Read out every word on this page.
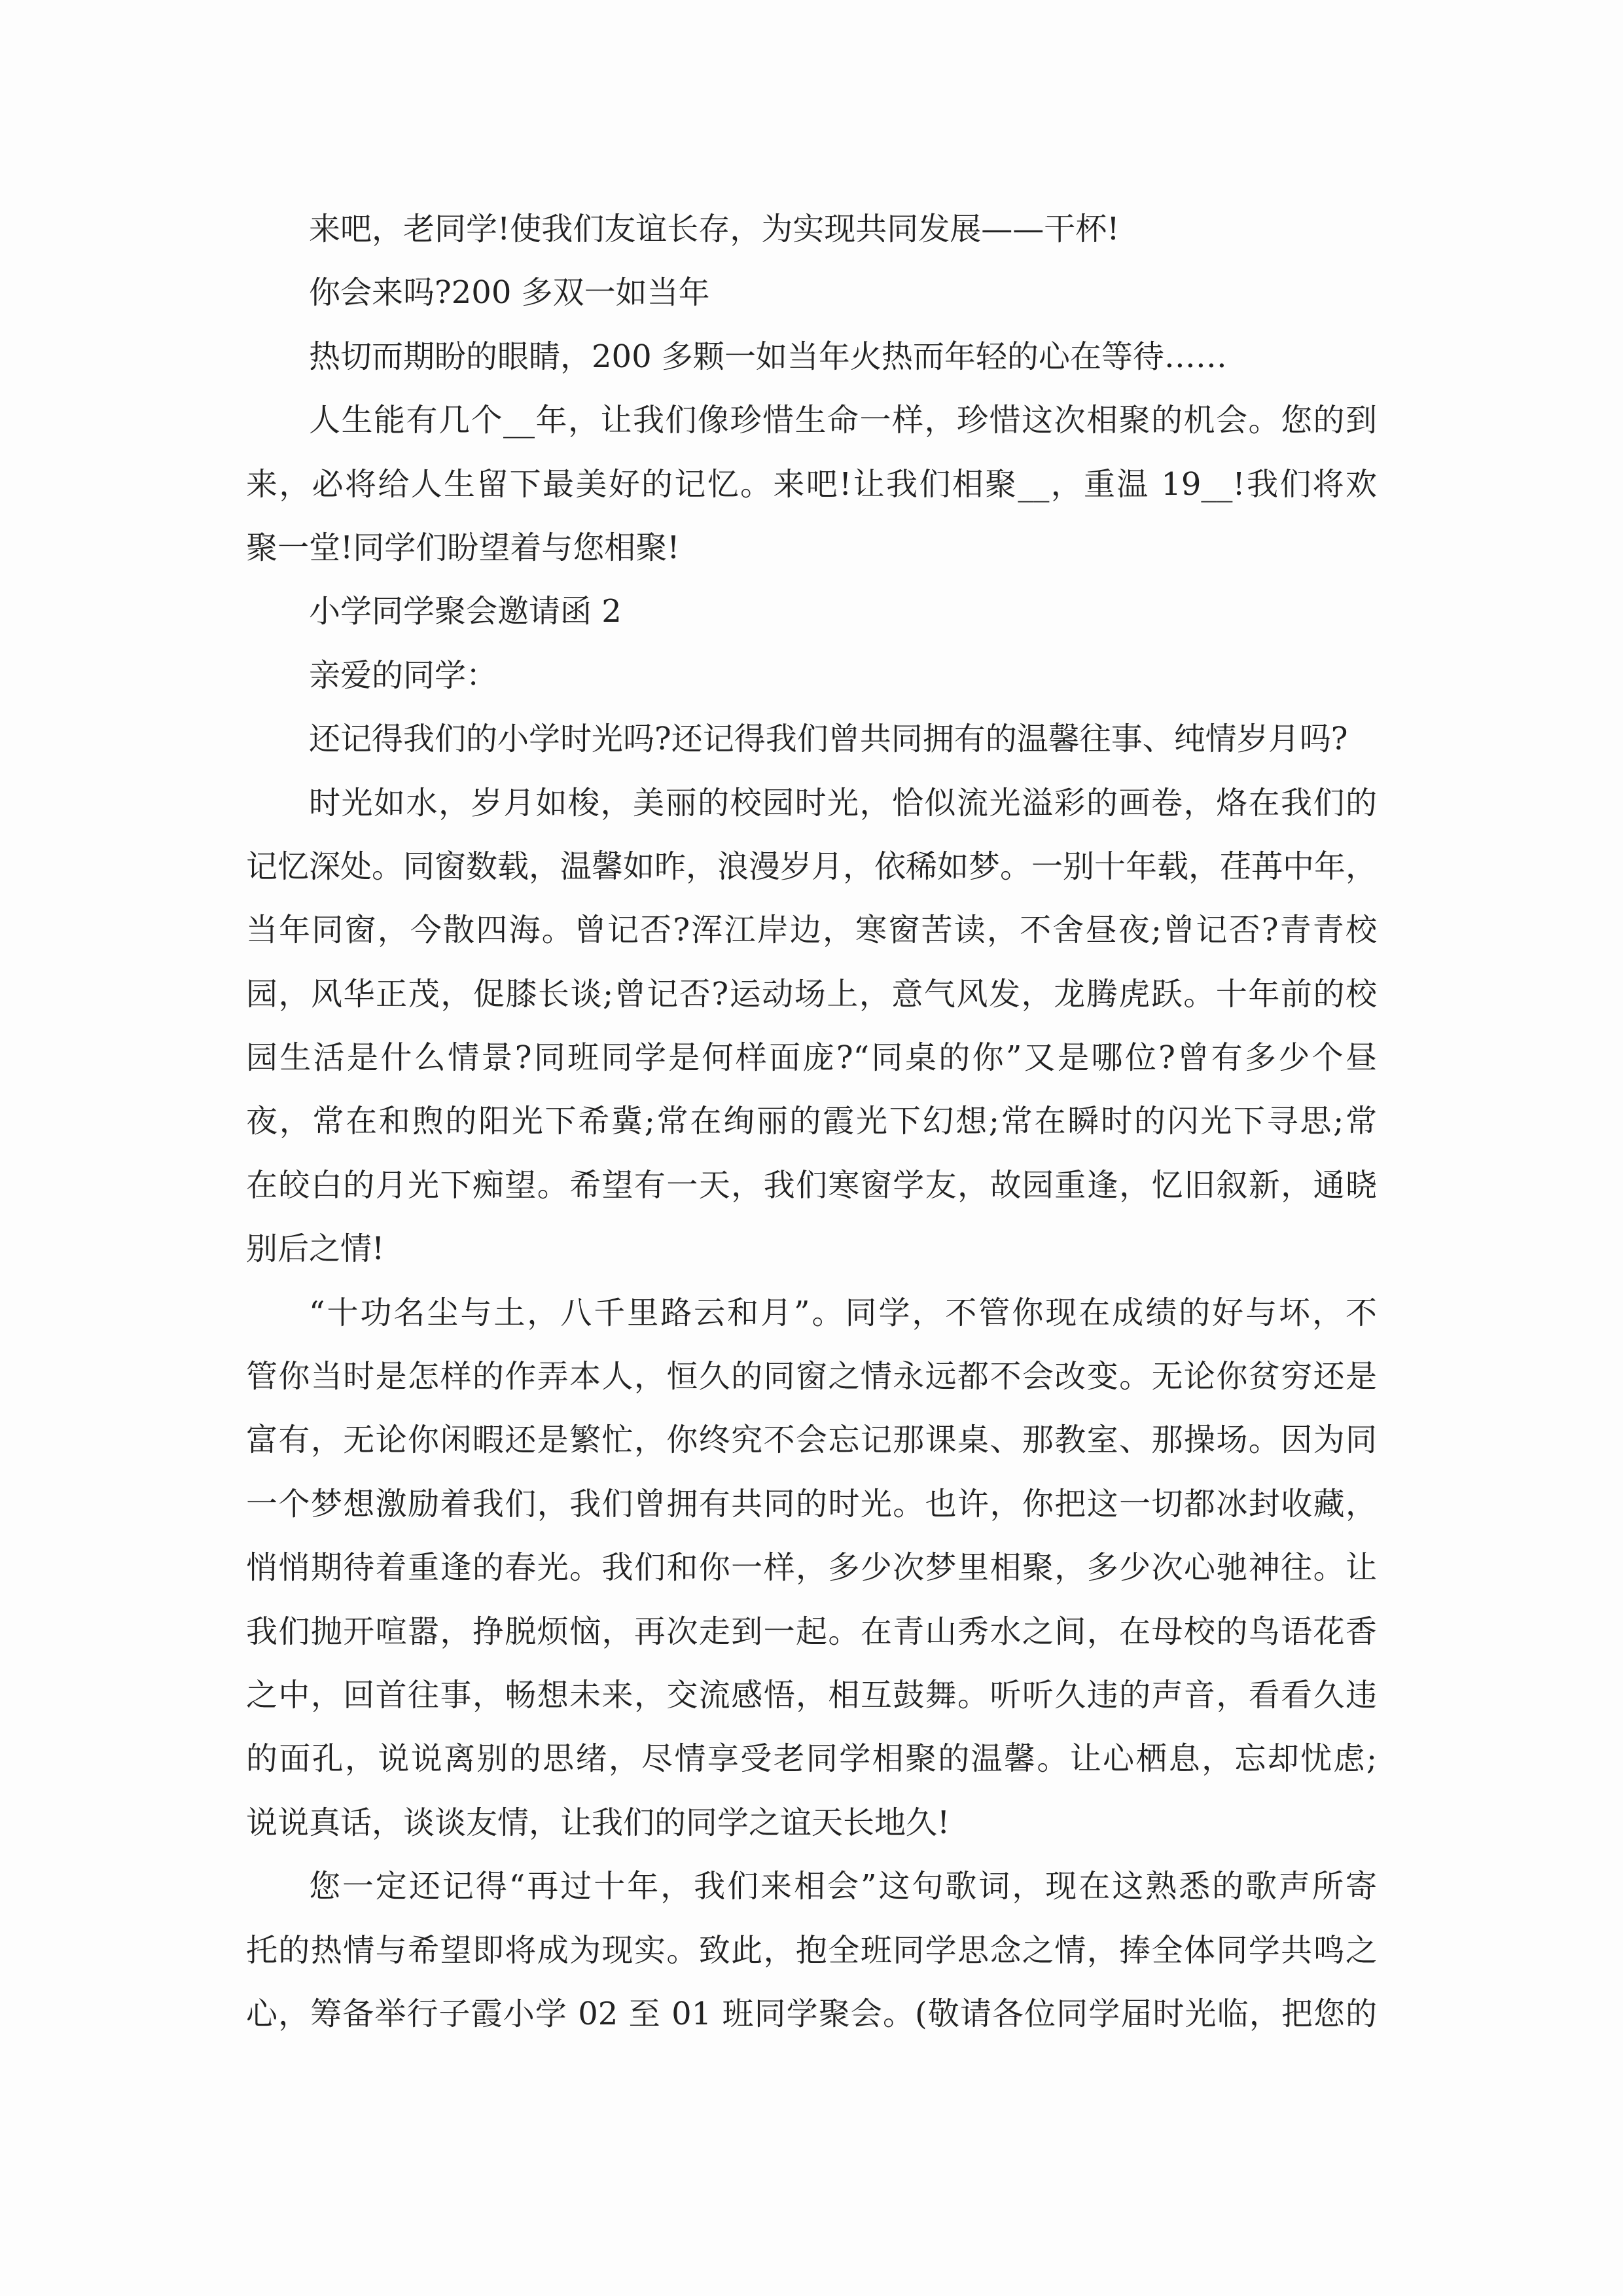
来吧，老同学!使我们友谊长存，为实现共同发展——干杯!
你会来吗?200 多双一如当年
热切而期盼的眼睛，200 多颗一如当年火热而年轻的心在等待……
人生能有几个__年，让我们像珍惜生命一样，珍惜这次相聚的机会。您的到
来，必将给人生留下最美好的记忆。来吧!让我们相聚__，重温 19__!我们将欢
聚一堂!同学们盼望着与您相聚!
小学同学聚会邀请函 2
亲爱的同学：
还记得我们的小学时光吗?还记得我们曾共同拥有的温馨往事、纯情岁月吗?
时光如水，岁月如梭，美丽的校园时光，恰似流光溢彩的画卷，烙在我们的
记忆深处。同窗数载，温馨如昨，浪漫岁月，依稀如梦。一别十年载，荏苒中年，
当年同窗，今散四海。曾记否?浑江岸边，寒窗苦读，不舍昼夜;曾记否?青青校
园，风华正茂，促膝长谈;曾记否?运动场上，意气风发，龙腾虎跃。十年前的校
园生活是什么情景?同班同学是何样面庞?“同桌的你”又是哪位?曾有多少个昼
夜，常在和煦的阳光下希冀;常在绚丽的霞光下幻想;常在瞬时的闪光下寻思;常
在皎白的月光下痴望。希望有一天，我们寒窗学友，故园重逢，忆旧叙新，通晓
别后之情!
“十功名尘与土，八千里路云和月”。同学，不管你现在成绩的好与坏，不
管你当时是怎样的作弄本人，恒久的同窗之情永远都不会改变。无论你贫穷还是
富有，无论你闲暇还是繁忙，你终究不会忘记那课桌、那教室、那操场。因为同
一个梦想激励着我们，我们曾拥有共同的时光。也许，你把这一切都冰封收藏，
悄悄期待着重逢的春光。我们和你一样，多少次梦里相聚，多少次心驰神往。让
我们抛开喧嚣，挣脱烦恼，再次走到一起。在青山秀水之间，在母校的鸟语花香
之中，回首往事，畅想未来，交流感悟，相互鼓舞。听听久违的声音，看看久违
的面孔，说说离别的思绪，尽情享受老同学相聚的温馨。让心栖息，忘却忧虑;
说说真话，谈谈友情，让我们的同学之谊天长地久!
您一定还记得“再过十年，我们来相会”这句歌词，现在这熟悉的歌声所寄
托的热情与希望即将成为现实。致此，抱全班同学思念之情，捧全体同学共鸣之
心，筹备举行子霞小学 02 至 01 班同学聚会。(敬请各位同学届时光临，把您的
